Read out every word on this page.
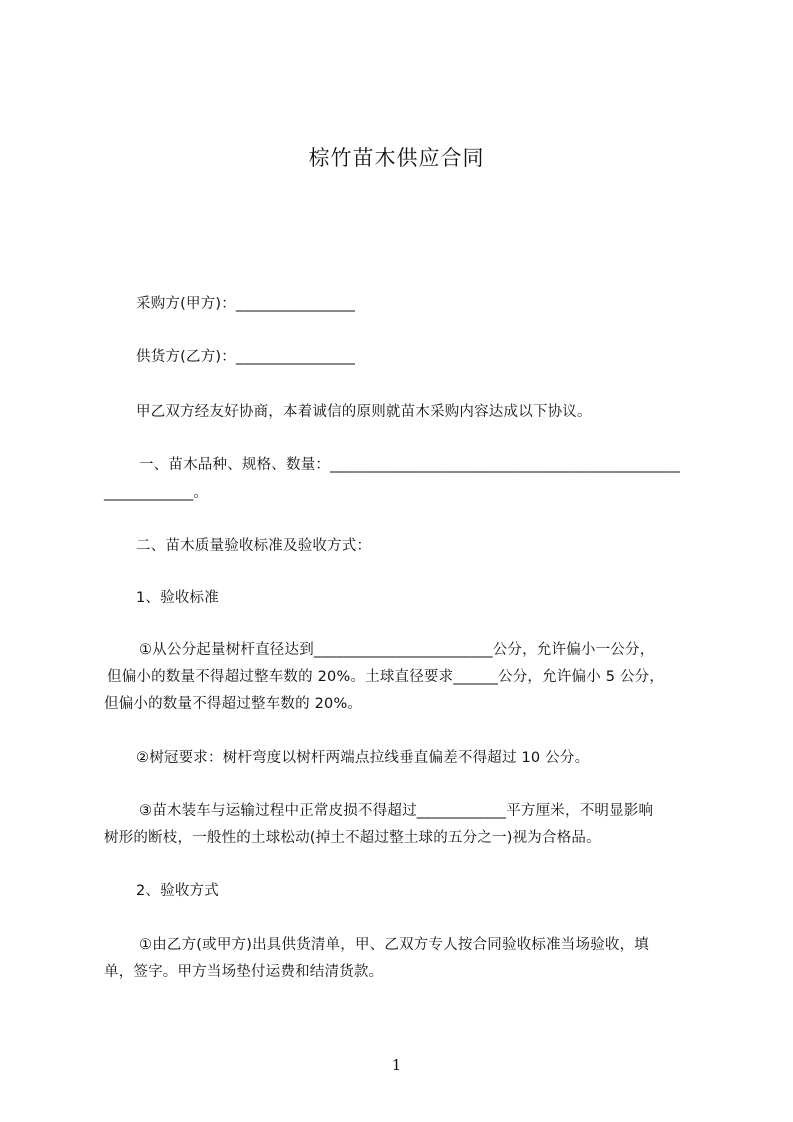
棕竹苗木供应合同
采购方(甲方)：________________
供货方(乙方)：________________
甲乙双方经友好协商，本着诚信的原则就苗木采购内容达成以下协议。
一、苗木品种、规格、数量：_______________________________________________
____________。
二、苗木质量验收标准及验收方式：
1、验收标准
①从公分起量树杆直径达到________________________公分，允许偏小一公分，
但偏小的数量不得超过整车数的 20%。土球直径要求______公分，允许偏小 5 公分，
但偏小的数量不得超过整车数的 20%。
②树冠要求：树杆弯度以树杆两端点拉线垂直偏差不得超过 10 公分。
③苗木装车与运输过程中正常皮损不得超过____________平方厘米，不明显影响
树形的断枝，一般性的土球松动(掉土不超过整土球的五分之一)视为合格品。
2、验收方式
①由乙方(或甲方)出具供货清单，甲、乙双方专人按合同验收标准当场验收，填
单，签字。甲方当场垫付运费和结清货款。
1
